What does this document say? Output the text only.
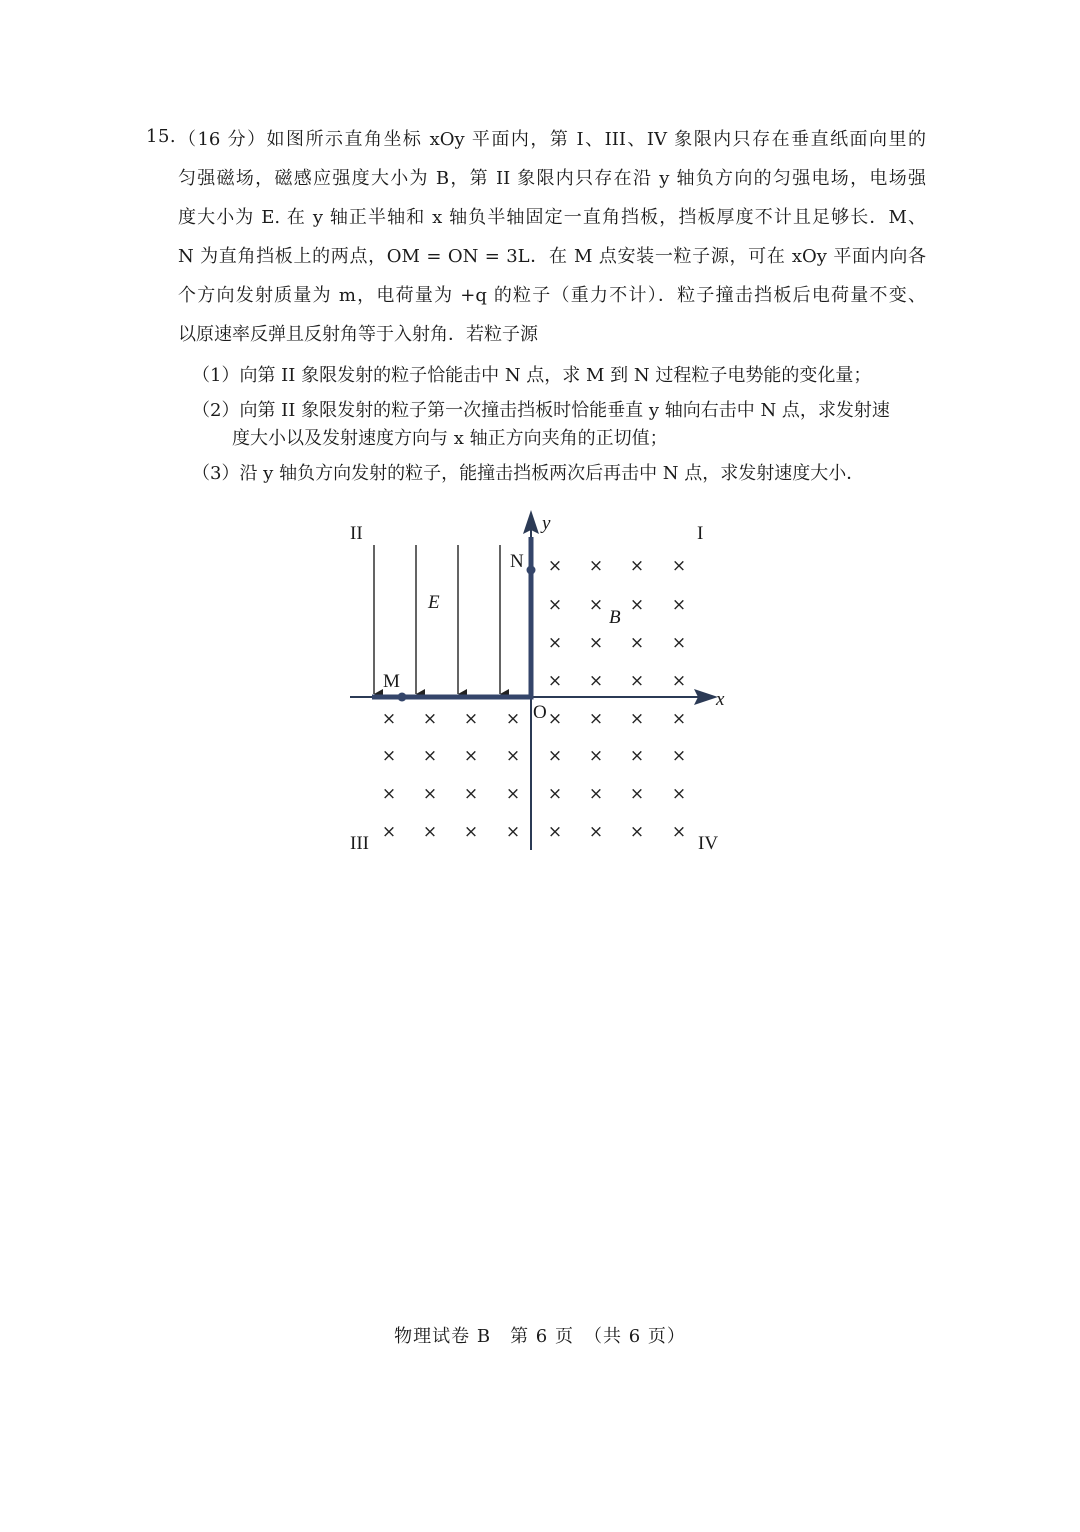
15. （16 分）如图所示直角坐标 xOy 平面内，第 I、III、IV 象限内只存在垂直纸面向里的
匀强磁场，磁感应强度大小为 B，第 II 象限内只存在沿 y 轴负方向的匀强电场，电场强
度大小为 E. 在 y 轴正半轴和 x 轴负半轴固定一直角挡板，挡板厚度不计且足够长．M、
N 为直角挡板上的两点，OM = ON = 3L．在 M 点安装一粒子源，可在 xOy 平面内向各
个方向发射质量为 m，电荷量为 +q 的粒子（重力不计）．粒子撞击挡板后电荷量不变、
以原速率反弹且反射角等于入射角．若粒子源
（1）向第 II 象限发射的粒子恰能击中 N 点，求 M 到 N 过程粒子电势能的变化量；
（2）向第 II 象限发射的粒子第一次撞击挡板时恰能垂直 y 轴向右击中 N 点，求发射速
度大小以及发射速度方向与 x 轴正方向夹角的正切值；
（3）沿 y 轴负方向发射的粒子，能撞击挡板两次后再击中 N 点，求发射速度大小．
× × × ×
× × × ×
× × × ×
× × × ×
× × × × × × × ×
× × × × × × × ×
× × × × × × × ×
× × × × × × × ×
II	I
III	IV
y
x
O
M
N
E
B
物理试卷 B　第 6 页　（共 6 页）
